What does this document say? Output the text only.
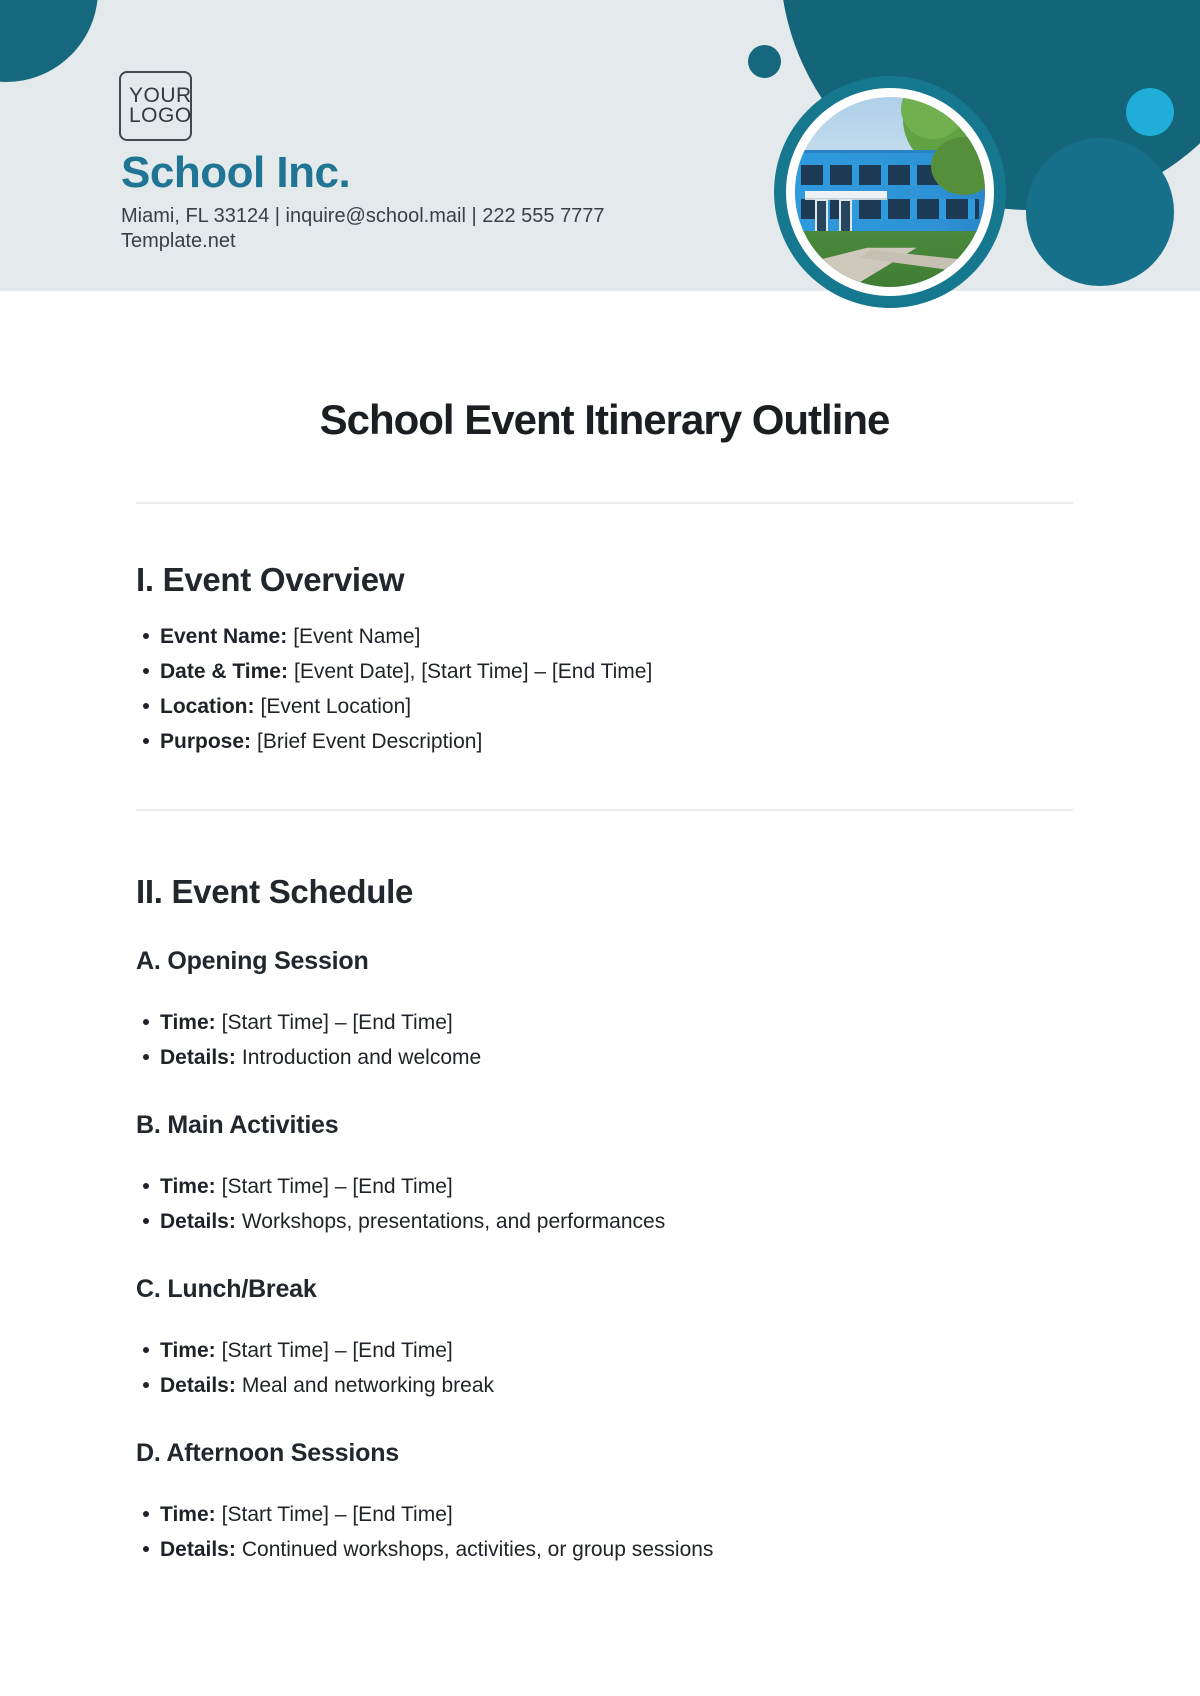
YOUR
LOGO
School Inc.
Miami, FL 33124 | inquire@school.mail | 222 555 7777
Template.net
School Event Itinerary Outline
I. Event Overview
Event Name: [Event Name]
Date & Time: [Event Date], [Start Time] – [End Time]
Location: [Event Location]
Purpose: [Brief Event Description]
II. Event Schedule
A. Opening Session
Time: [Start Time] – [End Time]
Details: Introduction and welcome
B. Main Activities
Time: [Start Time] – [End Time]
Details: Workshops, presentations, and performances
C. Lunch/Break
Time: [Start Time] – [End Time]
Details: Meal and networking break
D. Afternoon Sessions
Time: [Start Time] – [End Time]
Details: Continued workshops, activities, or group sessions
